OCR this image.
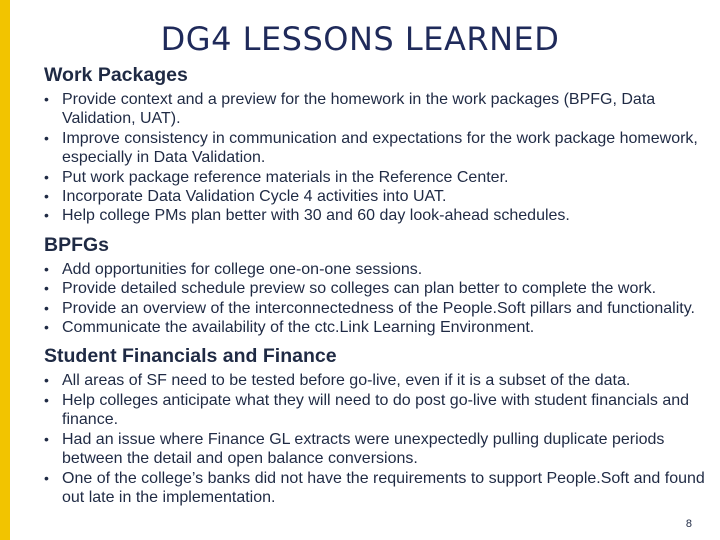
DG4 LESSONS LEARNED
Work Packages
• Provide context and a preview for the homework in the work packages (BPFG, Data Validation, UAT).
• Improve consistency in communication and expectations for the work package homework, especially in Data Validation.
• Put work package reference materials in the Reference Center.
• Incorporate Data Validation Cycle 4 activities into UAT.
• Help college PMs plan better with 30 and 60 day look-ahead schedules.
BPFGs
• Add opportunities for college one-on-one sessions.
• Provide detailed schedule preview so colleges can plan better to complete the work.
• Provide an overview of the interconnectedness of the People.Soft pillars and functionality.
• Communicate the availability of the ctc.Link Learning Environment.
Student Financials and Finance
• All areas of SF need to be tested before go-live, even if it is a subset of the data.
• Help colleges anticipate what they will need to do post go-live with student financials and finance.
• Had an issue where Finance GL extracts were unexpectedly pulling duplicate periods between the detail and open balance conversions.
• One of the college’s banks did not have the requirements to support People.Soft and found out late in the implementation.
8
